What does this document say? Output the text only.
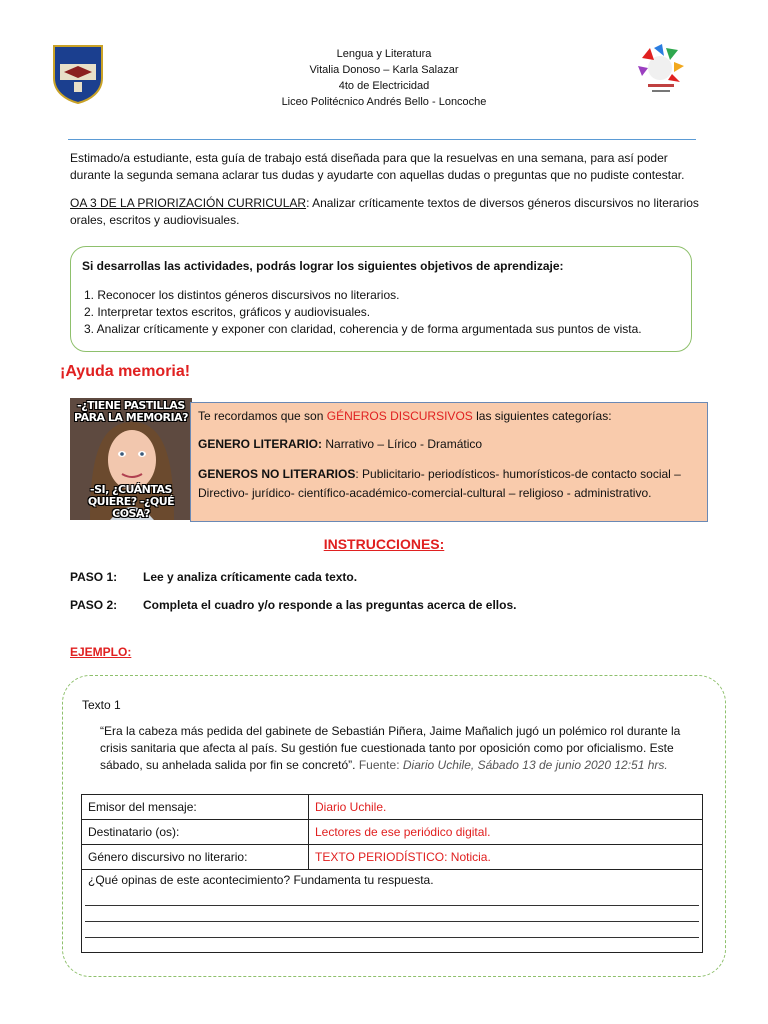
Lengua y Literatura
Vitalia Donoso – Karla Salazar
4to de Electricidad
Liceo Politécnico Andrés Bello - Loncoche
Estimado/a estudiante, esta guía de trabajo está diseñada para que la resuelvas en una semana, para así poder durante la segunda semana aclarar tus dudas y ayudarte con aquellas dudas o preguntas que no pudiste contestar.
OA 3 DE LA PRIORIZACIÓN CURRICULAR: Analizar críticamente textos de diversos géneros discursivos no literarios orales, escritos y audiovisuales.
Si desarrollas las actividades, podrás lograr los siguientes objetivos de aprendizaje:
1. Reconocer los distintos géneros discursivos no literarios.
2. Interpretar textos escritos, gráficos y audiovisuales.
3. Analizar críticamente y exponer con claridad, coherencia y de forma argumentada sus puntos de vista.
¡Ayuda memoria!
-¿TIENE PASTILLAS PARA LA MEMORIA?
-SI, ¿CUÁNTAS QUIERE? -¿QUÉ COSA?
Te recordamos que son GÉNEROS DISCURSIVOS las siguientes categorías:
GENERO LITERARIO: Narrativo – Lírico - Dramático
GENEROS NO LITERARIOS: Publicitario- periodísticos- humorísticos-de contacto social – Directivo- jurídico- científico-académico-comercial-cultural – religioso - administrativo.
INSTRUCCIONES:
PASO 1: Lee y analiza críticamente cada texto.
PASO 2: Completa el cuadro y/o responde a las preguntas acerca de ellos.
EJEMPLO:
Texto 1
“Era la cabeza más pedida del gabinete de Sebastián Piñera, Jaime Mañalich jugó un polémico rol durante la crisis sanitaria que afecta al país. Su gestión fue cuestionada tanto por oposición como por oficialismo. Este sábado, su anhelada salida por fin se concretó”. Fuente: Diario Uchile, Sábado 13 de junio 2020 12:51 hrs.
Emisor del mensaje:	Diario Uchile.
Destinatario (os):	Lectores de ese periódico digital.
Género discursivo no literario:	TEXTO PERIODÍSTICO: Noticia.

¿Qué opinas de este acontecimiento? Fundamenta tu respuesta.	
